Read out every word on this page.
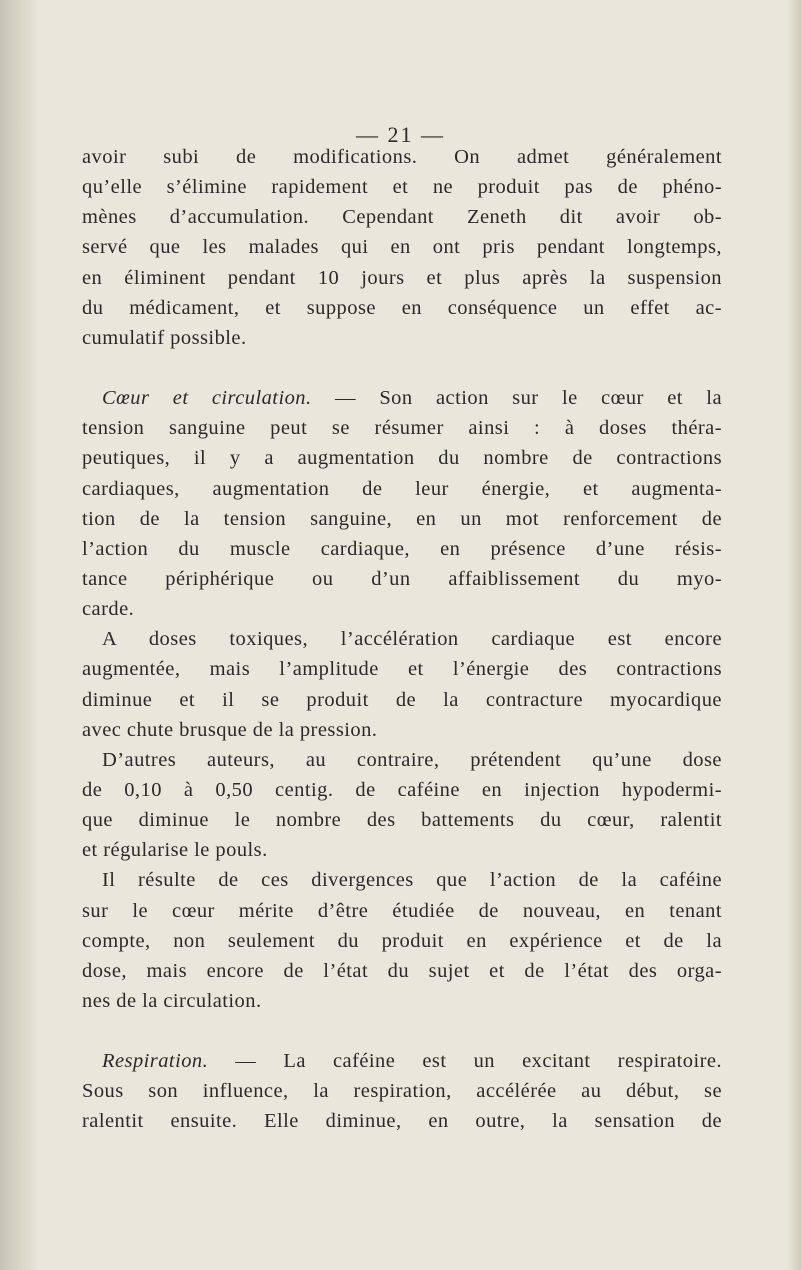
— 21 —
avoir subi de modifications. On admet généralement
qu’elle s’élimine rapidement et ne produit pas de phéno-
mènes d’accumulation. Cependant Zeneth dit avoir ob-
servé que les malades qui en ont pris pendant longtemps,
en éliminent pendant 10 jours et plus après la suspension
du médicament, et suppose en conséquence un effet ac-
cumulatif possible.
Cœur et circulation. — Son action sur le cœur et la
tension sanguine peut se résumer ainsi : à doses théra-
peutiques, il y a augmentation du nombre de contractions
cardiaques, augmentation de leur énergie, et augmenta-
tion de la tension sanguine, en un mot renforcement de
l’action du muscle cardiaque, en présence d’une résis-
tance périphérique ou d’un affaiblissement du myo-
carde.
A doses toxiques, l’accélération cardiaque est encore
augmentée, mais l’amplitude et l’énergie des contractions
diminue et il se produit de la contracture myocardique
avec chute brusque de la pression.
D’autres auteurs, au contraire, prétendent qu’une dose
de 0,10 à 0,50 centig. de caféine en injection hypodermi-
que diminue le nombre des battements du cœur, ralentit
et régularise le pouls.
Il résulte de ces divergences que l’action de la caféine
sur le cœur mérite d’être étudiée de nouveau, en tenant
compte, non seulement du produit en expérience et de la
dose, mais encore de l’état du sujet et de l’état des orga-
nes de la circulation.
Respiration. — La caféine est un excitant respiratoire.
Sous son influence, la respiration, accélérée au début, se
ralentit ensuite. Elle diminue, en outre, la sensation de
